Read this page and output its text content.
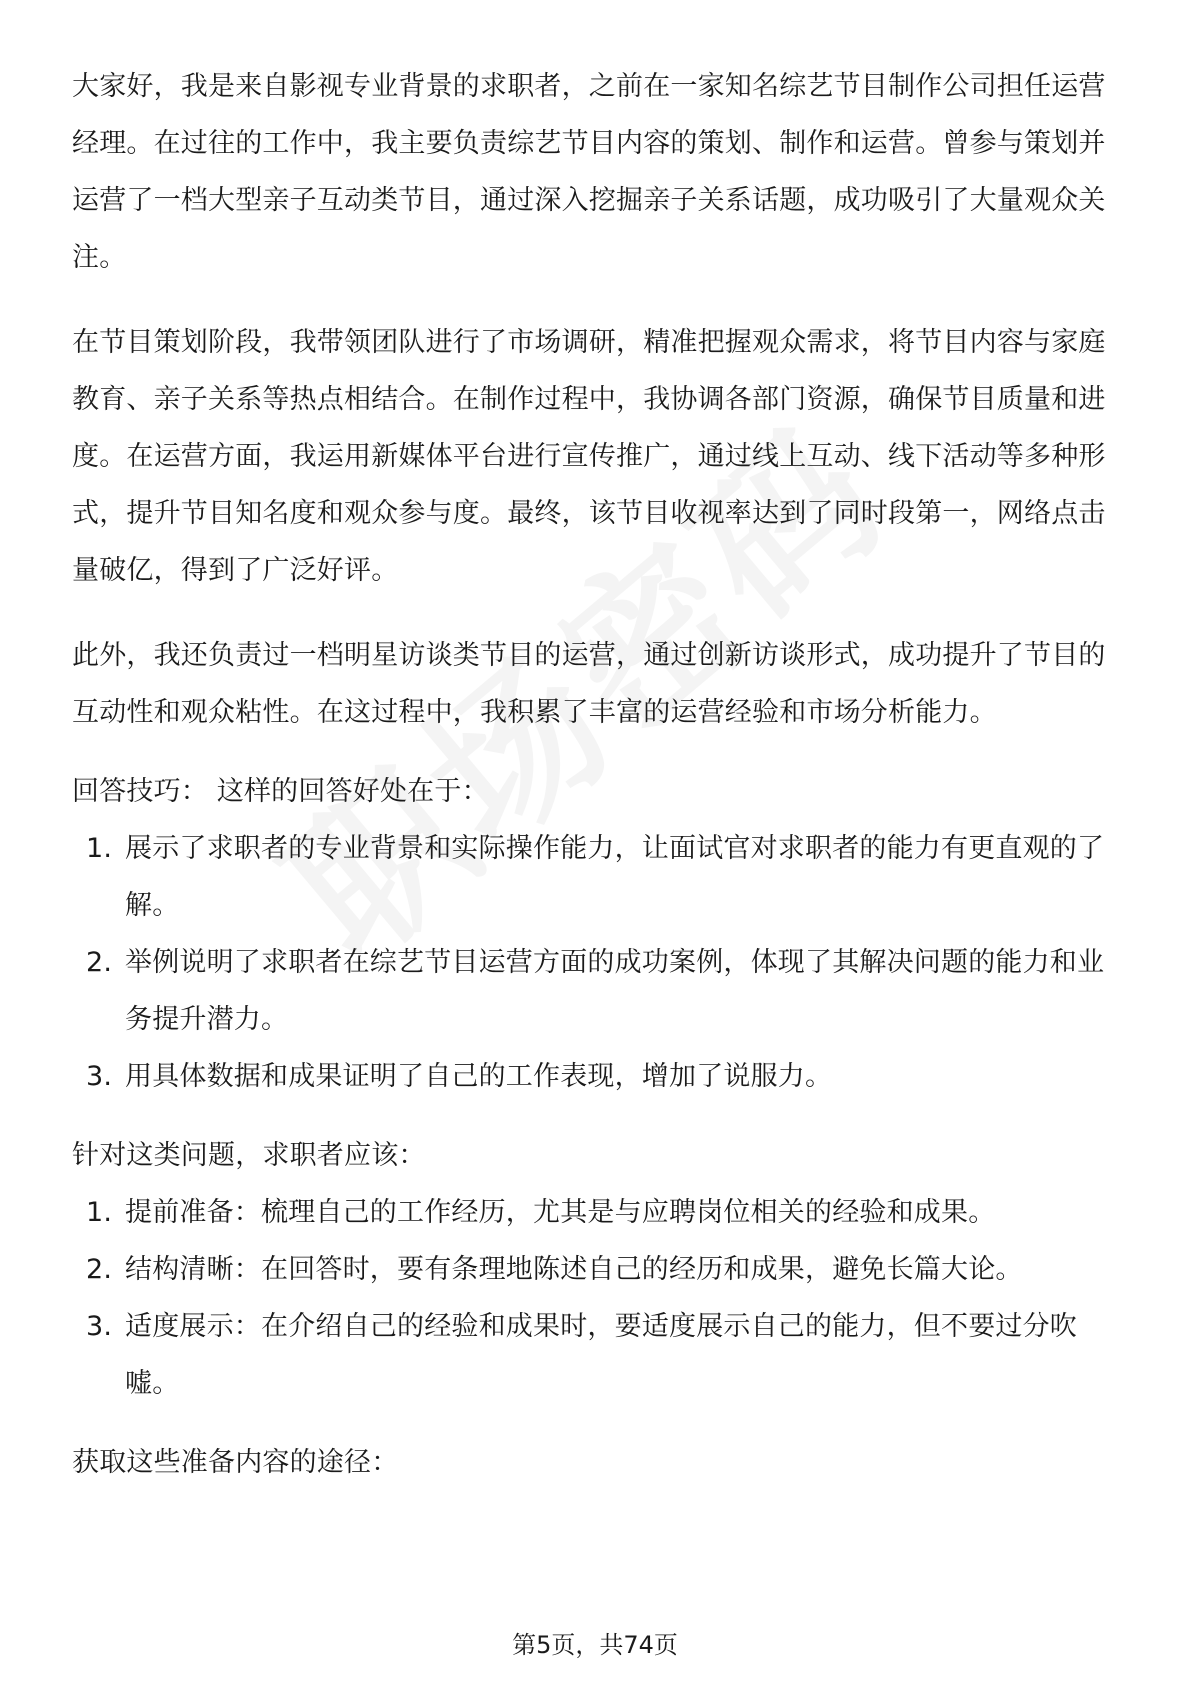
大家好，我是来自影视专业背景的求职者，之前在一家知名综艺节目制作公司担任运营经理。在过往的工作中，我主要负责综艺节目内容的策划、制作和运营。曾参与策划并运营了一档大型亲子互动类节目，通过深入挖掘亲子关系话题，成功吸引了大量观众关注。

在节目策划阶段，我带领团队进行了市场调研，精准把握观众需求，将节目内容与家庭教育、亲子关系等热点相结合。在制作过程中，我协调各部门资源，确保节目质量和进度。在运营方面，我运用新媒体平台进行宣传推广，通过线上互动、线下活动等多种形式，提升节目知名度和观众参与度。最终，该节目收视率达到了同时段第一，网络点击量破亿，得到了广泛好评。

此外，我还负责过一档明星访谈类节目的运营，通过创新访谈形式，成功提升了节目的互动性和观众粘性。在这过程中，我积累了丰富的运营经验和市场分析能力。

回答技巧： 这样的回答好处在于：

1. 展示了求职者的专业背景和实际操作能力，让面试官对求职者的能力有更直观的了解。
2. 举例说明了求职者在综艺节目运营方面的成功案例，体现了其解决问题的能力和业务提升潜力。
3. 用具体数据和成果证明了自己的工作表现，增加了说服力。

针对这类问题，求职者应该：

1. 提前准备：梳理自己的工作经历，尤其是与应聘岗位相关的经验和成果。
2. 结构清晰：在回答时，要有条理地陈述自己的经历和成果，避免长篇大论。
3. 适度展示：在介绍自己的经验和成果时，要适度展示自己的能力，但不要过分吹嘘。

获取这些准备内容的途径：

第5页，共74页
